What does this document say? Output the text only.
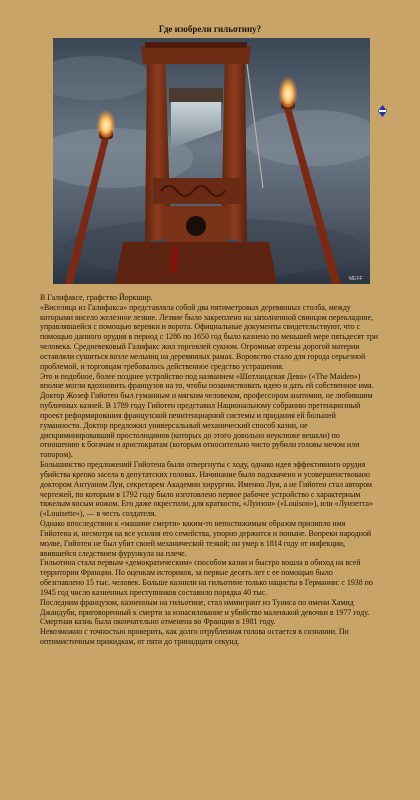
Где изобрели гильотину?
MEFF

В Галифаксе, графство Йоркшир.

«Виселица из Галифакса» представляла собой два пятиметровых деревянных столба, между которыми висело железное лезвие. Лезвие было закреплено на заполненной свинцом перекладине, управлявшейся с помощью веревки и ворота. Официальные документы свидетельствуют, что с помощью данного орудия в период с 1286 по 1650 год было казнено по меньшей мере пятьдесят три человека. Средневековый Галифакс жил торговлей сукном. Огромные отрезы дорогой материи оставляли сушиться возле мельниц на деревянных рамах. Воровство стало для города серьезной проблемой, и торговцам требовалось действенное средство устрашения.

Это и подобное, более позднее устройство под названием «Шотландская Дева» («The Maiden») вполне могли вдохновить французов на то, чтобы позаимствовать идею и дать ей собственное имя.

Доктор Жозеф Гийотен был гуманным и мягким человеком, профессором анатомии, не любившим публичных казней. В 1789 году Гийотен представил Национальному собранию претенциозный проект реформирования французской пенитенциарной системы и придания ей большей гуманности. Доктор предложил универсальный механический способ казни, не дискриминировавший простолюдинов (которых до этого довольно неуклюже вешали) по отношению к богачам и аристократам (которым относительно чисто рубили головы мечом или топором).

Большинство предложений Гийотена были отвергнуты с ходу, однако идея эффективного орудия убийства крепко засела в депутатских головах. Начинание было подхвачено и усовершенствовано доктором Антуаном Луи, секретарем Академии хирургии. Именно Луи, а не Гийотен стал автором чертежей, по которым в 1792 году было изготовлено первое рабочее устройство с характерным тяжелым косым ножом. Его даже окрестили, для краткости, «Луизон» («Louison»), или «Луизетта» («Louisette»), — в честь создателя.

Однако впоследствии к «машине смерти» каким-то непостижимым образом прилипло имя Гийотена и, несмотря на все усилия его семейства, упорно держится и поныне. Вопреки народной молве, Гийотен не был убит своей механической тезкой; он умер в 1814 году от инфекции, явившейся следствием фурункула на плече.

Гильотина стала первым «демократическим» способом казни и быстро вошла в обиход на всей территории Франции. По оценкам историков, за первые десять лет с ее помощью было обезглавлено 15 тыс. человек. Больше казнили на гильотине только нацисты в Германии: с 1938 по 1945 год число казненных преступников составило порядка 40 тыс.

Последним французом, казненным на гильотине, стал иммигрант из Туниса по имени Хамид Джандуби, приговоренный к смерти за изнасилование и убийство маленькой девочки в 1977 году. Смертная казнь была окончательно отменена во Франции в 1981 году.

Невозможно с точностью проверить, как долго отрубленная голова остается в сознании. По оптимистичным прикидкам, от пяти до тринадцати секунд.
